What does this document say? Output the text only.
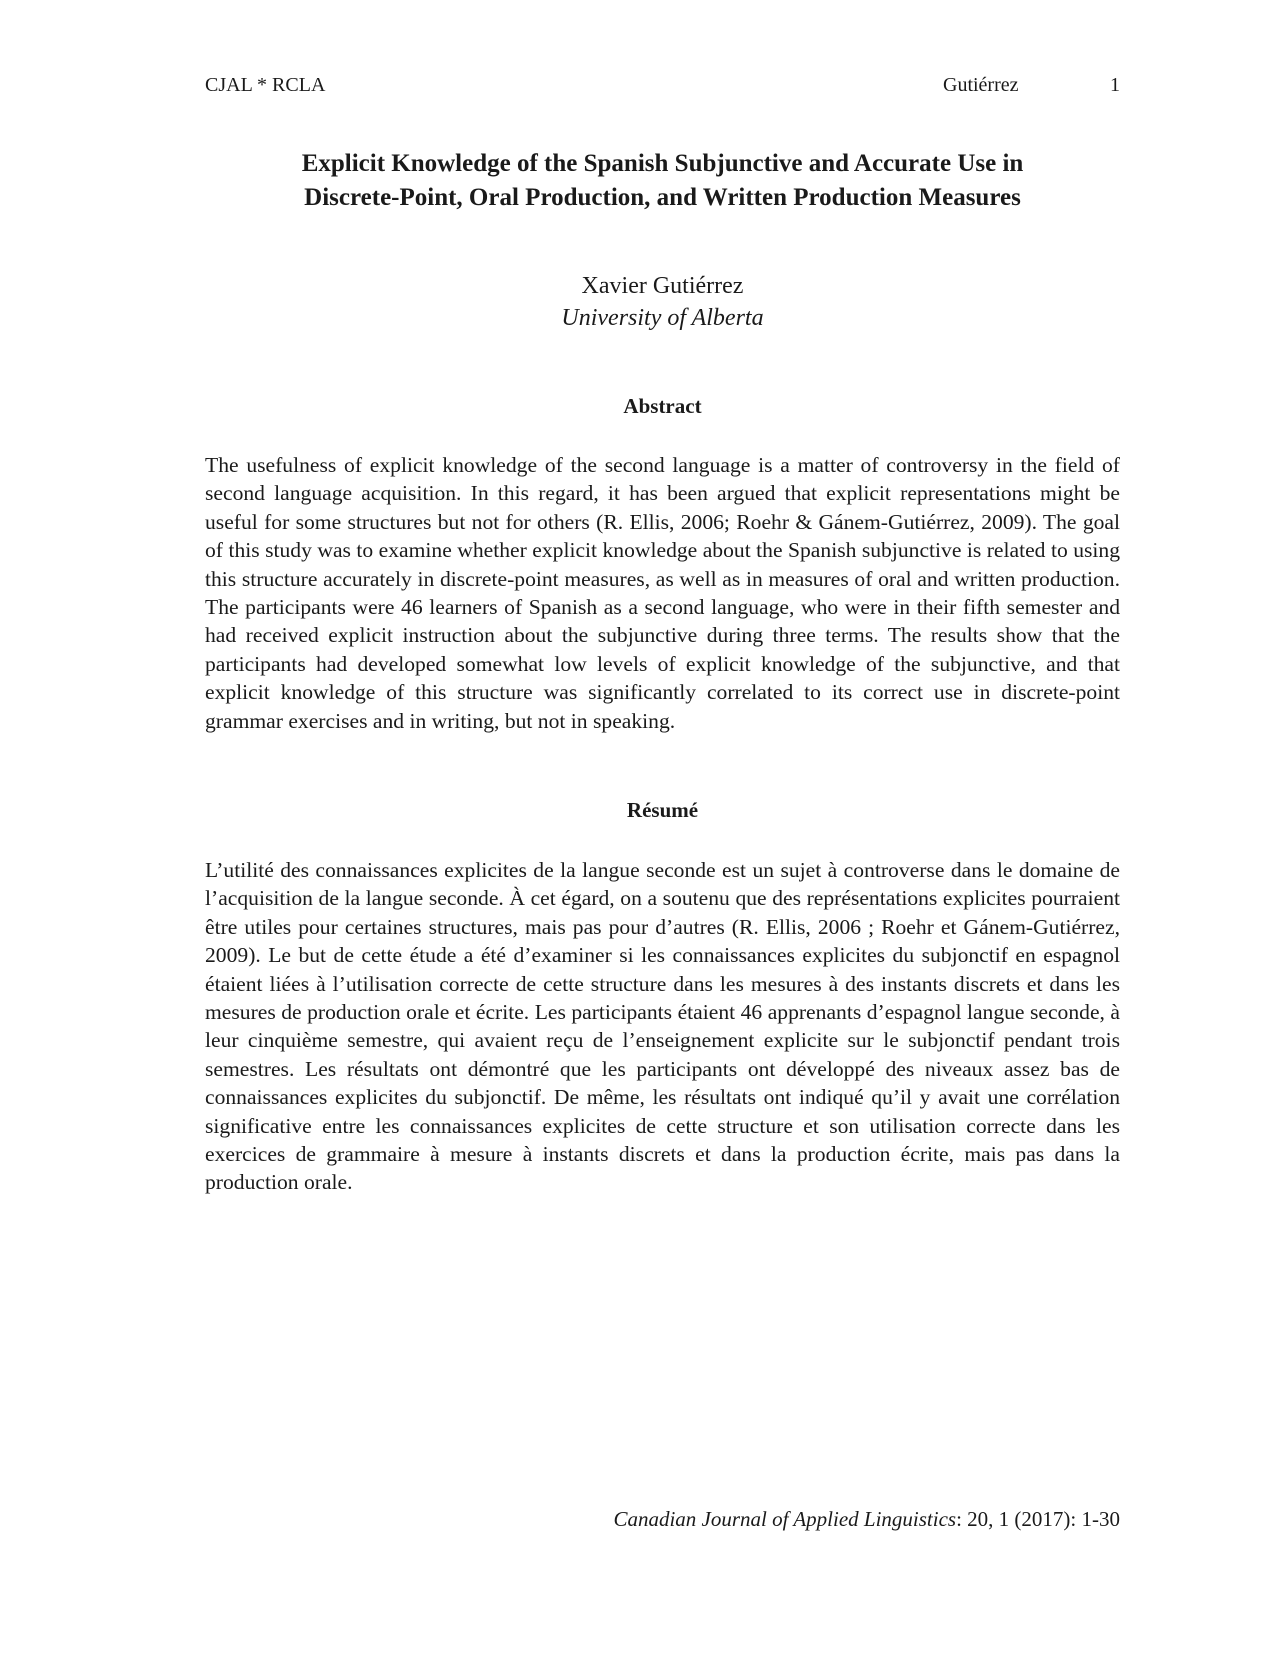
CJAL * RCLA	Gutiérrez	1
Explicit Knowledge of the Spanish Subjunctive and Accurate Use in
Discrete-Point, Oral Production, and Written Production Measures
Xavier Gutiérrez
University of Alberta
Abstract
The usefulness of explicit knowledge of the second language is a matter of controversy in the field of second language acquisition. In this regard, it has been argued that explicit representations might be useful for some structures but not for others (R. Ellis, 2006; Roehr & Gánem-Gutiérrez, 2009). The goal of this study was to examine whether explicit knowledge about the Spanish subjunctive is related to using this structure accurately in discrete-point measures, as well as in measures of oral and written production. The participants were 46 learners of Spanish as a second language, who were in their fifth semester and had received explicit instruction about the subjunctive during three terms. The results show that the participants had developed somewhat low levels of explicit knowledge of the subjunctive, and that explicit knowledge of this structure was significantly correlated to its correct use in discrete-point grammar exercises and in writing, but not in speaking.
Résumé
L’utilité des connaissances explicites de la langue seconde est un sujet à controverse dans le domaine de l’acquisition de la langue seconde. À cet égard, on a soutenu que des représentations explicites pourraient être utiles pour certaines structures, mais pas pour d’autres (R. Ellis, 2006 ; Roehr et Gánem-Gutiérrez, 2009). Le but de cette étude a été d’examiner si les connaissances explicites du subjonctif en espagnol étaient liées à l’utilisation correcte de cette structure dans les mesures à des instants discrets et dans les mesures de production orale et écrite. Les participants étaient 46 apprenants d’espagnol langue seconde, à leur cinquième semestre, qui avaient reçu de l’enseignement explicite sur le subjonctif pendant trois semestres. Les résultats ont démontré que les participants ont développé des niveaux assez bas de connaissances explicites du subjonctif. De même, les résultats ont indiqué qu’il y avait une corrélation significative entre les connaissances explicites de cette structure et son utilisation correcte dans les exercices de grammaire à mesure à instants discrets et dans la production écrite, mais pas dans la production orale.
Canadian Journal of Applied Linguistics: 20, 1 (2017): 1-30
